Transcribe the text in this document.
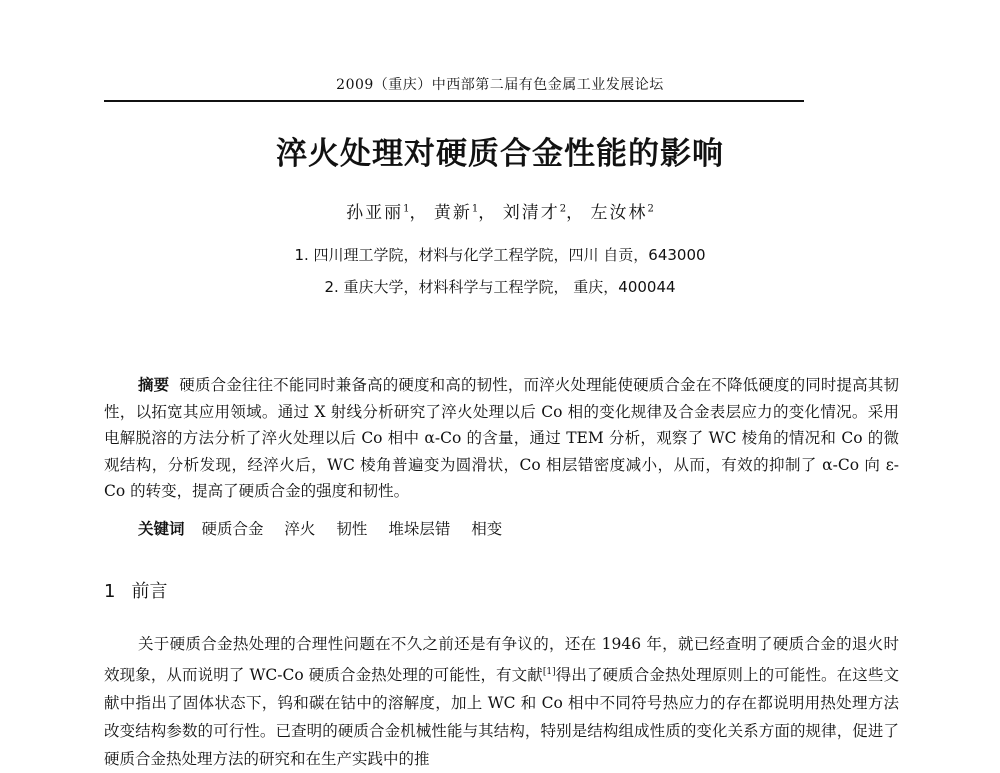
2009（重庆）中西部第二届有色金属工业发展论坛
淬火处理对硬质合金性能的影响
孙亚丽$^1$， 黄新$^1$， 刘清才$^2$， 左汝林$^2$
1. 四川理工学院，材料与化学工程学院，四川 自贡，643000
2. 重庆大学，材料科学与工程学院， 重庆，400044
摘要 硬质合金往往不能同时兼备高的硬度和高的韧性，而淬火处理能使硬质合金在不降低硬度的同时提高其韧性，以拓宽其应用领域。通过 X 射线分析研究了淬火处理以后 Co 相的变化规律及合金表层应力的变化情况。采用电解脱溶的方法分析了淬火处理以后 Co 相中 α-Co 的含量，通过 TEM 分析，观察了 WC 棱角的情况和 Co 的微观结构，分析发现，经淬火后，WC 棱角普遍变为圆滑状，Co 相层错密度减小，从而，有效的抑制了 α-Co 向 ε-Co 的转变，提高了硬质合金的强度和韧性。
关键词 硬质合金 淬火 韧性 堆垛层错 相变
1 前言
关于硬质合金热处理的合理性问题在不久之前还是有争议的，还在 1946 年，就已经查明了硬质合金的退火时效现象，从而说明了 WC-Co 硬质合金热处理的可能性，有文献[1]得出了硬质合金热处理原则上的可能性。在这些文献中指出了固体状态下，钨和碳在钴中的溶解度，加上 WC 和 Co 相中不同符号热应力的存在都说明用热处理方法改变结构参数的可行性。已查明的硬质合金机械性能与其结构，特别是结构组成性质的变化关系方面的规律，促进了硬质合金热处理方法的研究和在生产实践中的推
